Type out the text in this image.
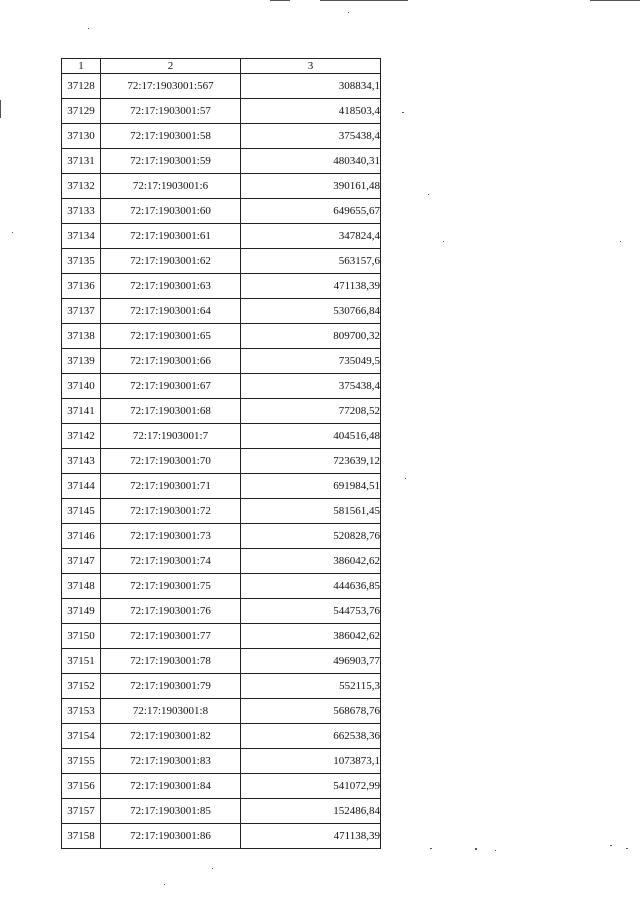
1	2	3
37128	72:17:1903001:567	308834,1
37129	72:17:1903001:57	418503,4
37130	72:17:1903001:58	375438,4
37131	72:17:1903001:59	480340,31
37132	72:17:1903001:6	390161,48
37133	72:17:1903001:60	649655,67
37134	72:17:1903001:61	347824,4
37135	72:17:1903001:62	563157,6
37136	72:17:1903001:63	471138,39
37137	72:17:1903001:64	530766,84
37138	72:17:1903001:65	809700,32
37139	72:17:1903001:66	735049,5
37140	72:17:1903001:67	375438,4
37141	72:17:1903001:68	77208,52
37142	72:17:1903001:7	404516,48
37143	72:17:1903001:70	723639,12
37144	72:17:1903001:71	691984,51
37145	72:17:1903001:72	581561,45
37146	72:17:1903001:73	520828,76
37147	72:17:1903001:74	386042,62
37148	72:17:1903001:75	444636,85
37149	72:17:1903001:76	544753,76
37150	72:17:1903001:77	386042,62
37151	72:17:1903001:78	496903,77
37152	72:17:1903001:79	552115,3
37153	72:17:1903001:8	568678,76
37154	72:17:1903001:82	662538,36
37155	72:17:1903001:83	1073873,1
37156	72:17:1903001:84	541072,99
37157	72:17:1903001:85	152486,84
37158	72:17:1903001:86	471138,39
